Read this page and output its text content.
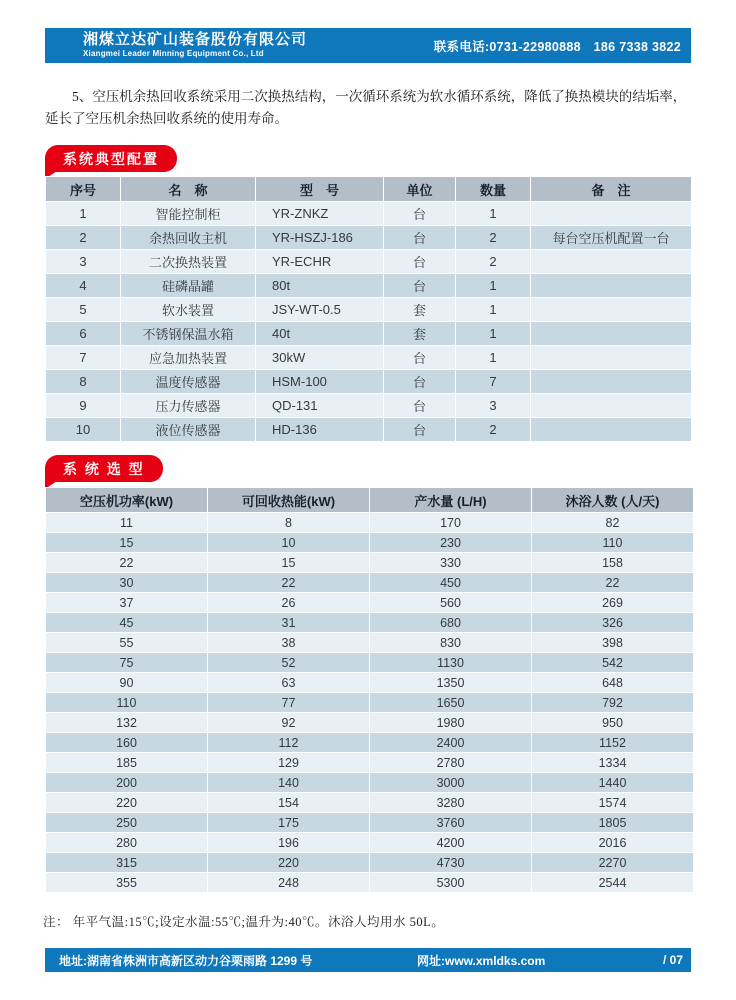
湘煤立达矿山装备股份有限公司
Xiangmei Leader Minning Equipment Co., Ltd
联系电话:0731-22980888　186 7338 3822

5、空压机余热回收系统采用二次换热结构，一次循环系统为软水循环系统，降低了换热模块的结垢率，延长了空压机余热回收系统的使用寿命。

系统典型配置
序号	名　称	型　号	单位	数量	备　注
1	智能控制柜	YR-ZNKZ	台	1	
2	余热回收主机	YR-HSZJ-186	台	2	每台空压机配置一台
3	二次换热装置	YR-ECHR	台	2	
4	硅磷晶罐	80t	台	1	
5	软水装置	JSY-WT-0.5	套	1	
6	不锈钢保温水箱	40t	套	1	
7	应急加热装置	30kW	台	1	
8	温度传感器	HSM-100	台	7	
9	压力传感器	QD-131	台	3	
10	液位传感器	HD-136	台	2	
系 统 选 型
空压机功率(kW)	可回收热能(kW)	产水量 (L/H)	沐浴人数 (人/天)
11	8	170	82
15	10	230	110
22	15	330	158
30	22	450	22
37	26	560	269
45	31	680	326
55	38	830	398
75	52	1130	542
90	63	1350	648
110	77	1650	792
132	92	1980	950
160	112	2400	1152
185	129	2780	1334
200	140	3000	1440
220	154	3280	1574
250	175	3760	1805
280	196	4200	2016
315	220	4730	2270
355	248	5300	2544

注： 年平气温:15℃;设定水温:55℃;温升为:40℃。沐浴人均用水 50L。

地址:湖南省株洲市高新区动力谷栗雨路 1299 号	网址:www.xmldks.com	/ 07
